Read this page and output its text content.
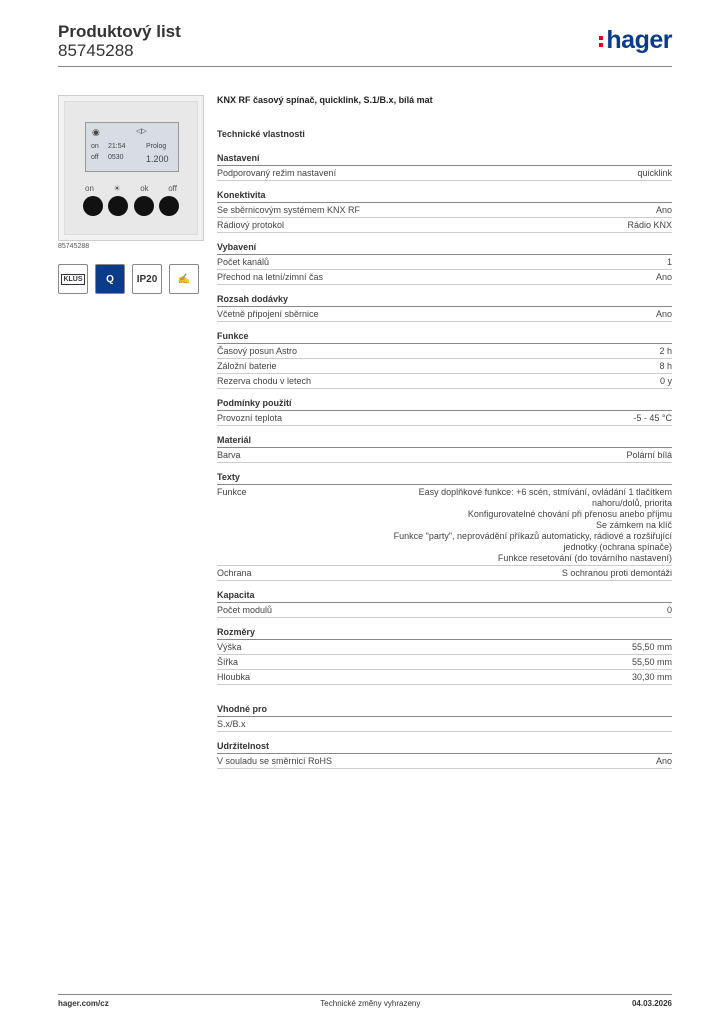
Produktový list
85745288	hager
◉	◁▷
on 21:54
off 0530
Prolog
1.200
on ☀ ok off
85745288
KLUS	Q	IP20	✍
KNX RF časový spínač, quicklink, S.1/B.x, bílá mat
Technické vlastnosti
Nastavení
Podporovaný režim nastavení	quicklink
Konektivita
Se sběrnicovým systémem KNX RF	Ano
Rádiový protokol	Rádio KNX
Vybavení
Počet kanálů	1
Přechod na letní/zimní čas	Ano
Rozsah dodávky
Včetně připojení sběrnice	Ano
Funkce
Časový posun Astro	2 h
Záložní baterie	8 h
Rezerva chodu v letech	0 y
Podmínky použití
Provozní teplota	-5 - 45 °C
Materiál
Barva	Polární bílá
Texty
Funkce	Easy doplňkové funkce: +6 scén, stmívání, ovládání 1 tlačítkem
nahoru/dolů, priorita
Konfigurovatelné chování při přenosu anebo příjmu
Se zámkem na klíč
Funkce "party", neprovádění příkazů automaticky, rádiové a rozšiřující
jednotky (ochrana spínače)
Funkce resetování (do továrního nastavení)
Ochrana	S ochranou proti demontáži
Kapacita
Počet modulů	0
Rozměry
Výška	55,50 mm
Šířka	55,50 mm
Hloubka	30,30 mm
Vhodné pro
S.x/B.x
Udržitelnost
V souladu se směrnicí RoHS	Ano
hager.com/cz	Technické změny vyhrazeny	04.03.2026
